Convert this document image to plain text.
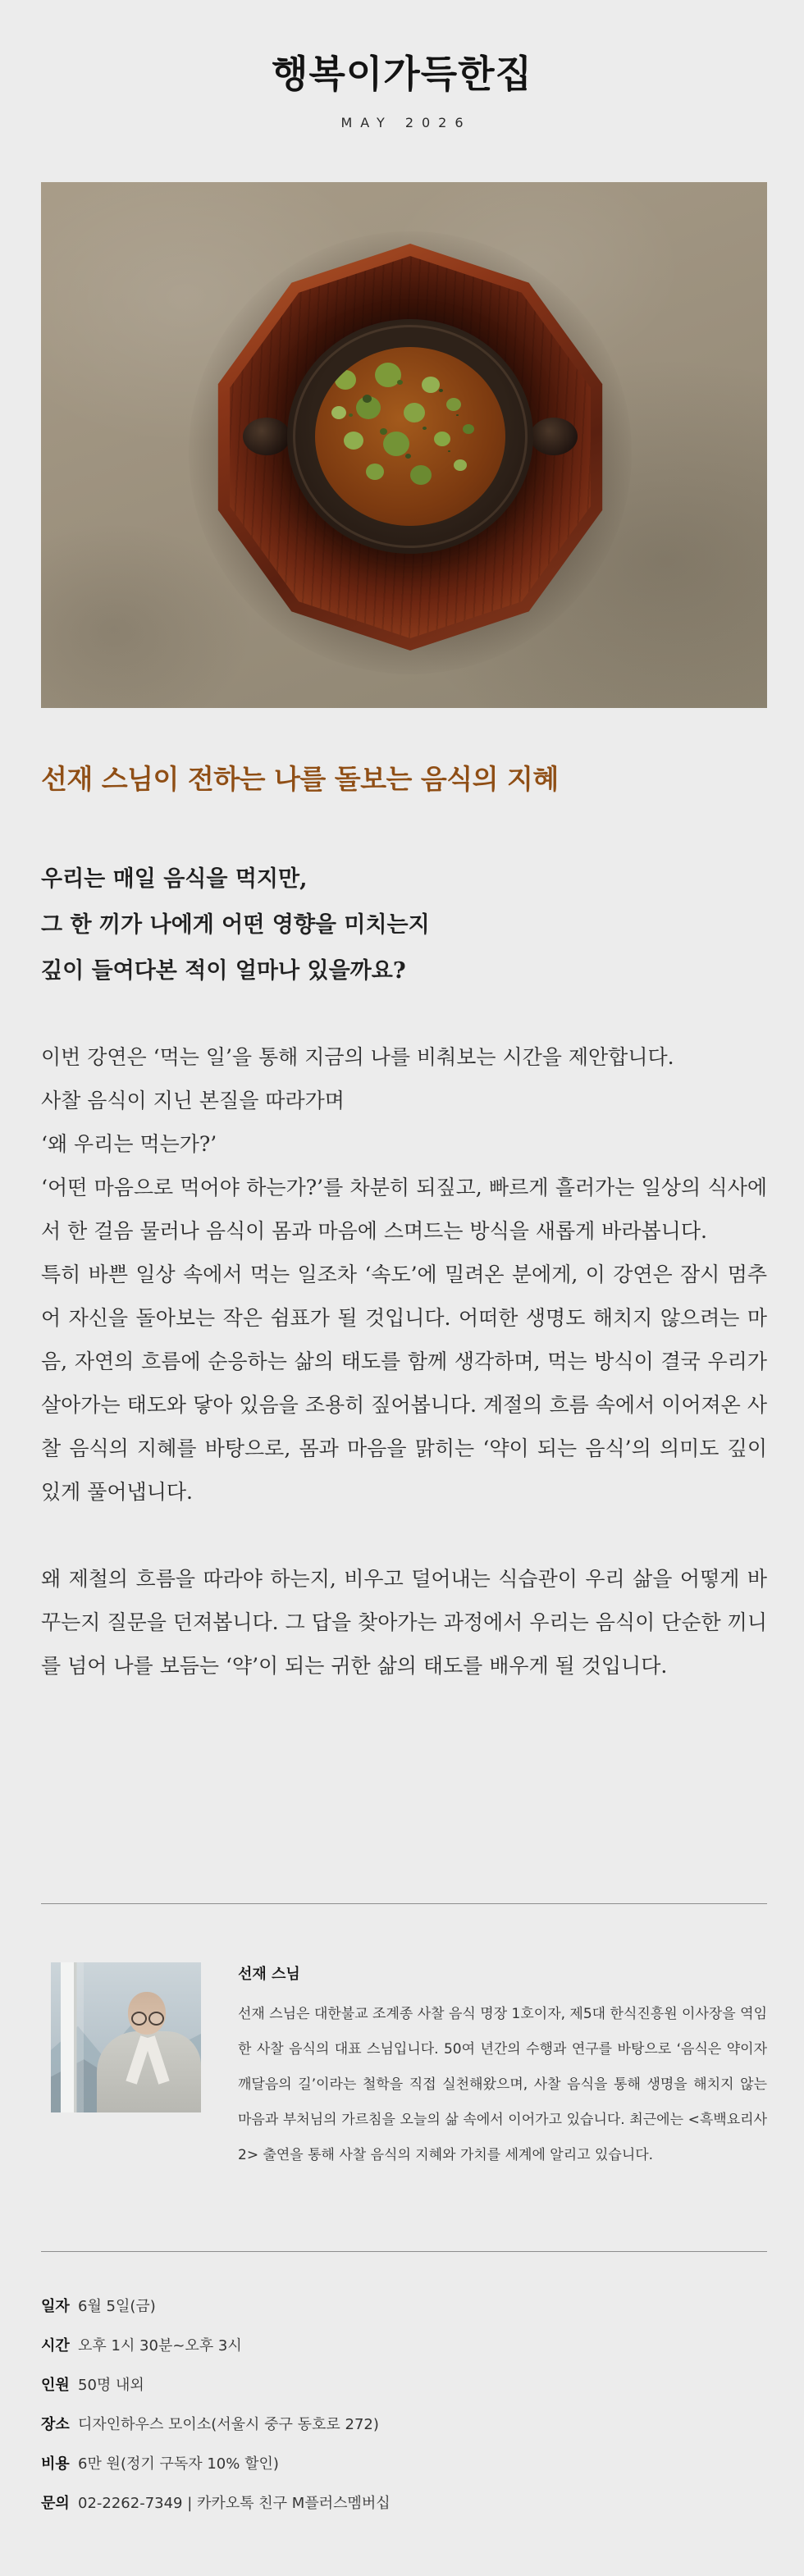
행복이가득한집
MAY 2026
선재 스님이 전하는 나를 돌보는 음식의 지혜
우리는 매일 음식을 먹지만,
그 한 끼가 나에게 어떤 영향을 미치는지
깊이 들여다본 적이 얼마나 있을까요?

이번 강연은 ‘먹는 일’을 통해 지금의 나를 비춰보는 시간을 제안합니다.

사찰 음식이 지닌 본질을 따라가며

‘왜 우리는 먹는가?’

‘어떤 마음으로 먹어야 하는가?’를 차분히 되짚고, 빠르게 흘러가는 일상의 식사에서 한 걸음 물러나 음식이 몸과 마음에 스며드는 방식을 새롭게 바라봅니다.

특히 바쁜 일상 속에서 먹는 일조차 ‘속도’에 밀려온 분에게, 이 강연은 잠시 멈추어 자신을 돌아보는 작은 쉼표가 될 것입니다. 어떠한 생명도 해치지 않으려는 마음, 자연의 흐름에 순응하는 삶의 태도를 함께 생각하며, 먹는 방식이 결국 우리가 살아가는 태도와 닿아 있음을 조용히 짚어봅니다. 계절의 흐름 속에서 이어져온 사찰 음식의 지혜를 바탕으로, 몸과 마음을 맑히는 ‘약이 되는 음식’의 의미도 깊이 있게 풀어냅니다.

왜 제철의 흐름을 따라야 하는지, 비우고 덜어내는 식습관이 우리 삶을 어떻게 바꾸는지 질문을 던져봅니다. 그 답을 찾아가는 과정에서 우리는 음식이 단순한 끼니를 넘어 나를 보듬는 ‘약’이 되는 귀한 삶의 태도를 배우게 될 것입니다.

선재 스님
선재 스님은 대한불교 조계종 사찰 음식 명장 1호이자, 제5대 한식진흥원 이사장을 역임한 사찰 음식의 대표 스님입니다. 50여 년간의 수행과 연구를 바탕으로 ‘음식은 약이자 깨달음의 길’이라는 철학을 직접 실천해왔으며, 사찰 음식을 통해 생명을 해치지 않는 마음과 부처님의 가르침을 오늘의 삶 속에서 이어가고 있습니다. 최근에는 <흑백요리사2> 출연을 통해 사찰 음식의 지혜와 가치를 세계에 알리고 있습니다.
일자 6월 5일(금)
시간 오후 1시 30분~오후 3시
인원 50명 내외
장소 디자인하우스 모이소(서울시 중구 동호로 272)
비용 6만 원(정기 구독자 10% 할인)
문의 02-2262-7349 | 카카오톡 친구 M플러스멤버십
